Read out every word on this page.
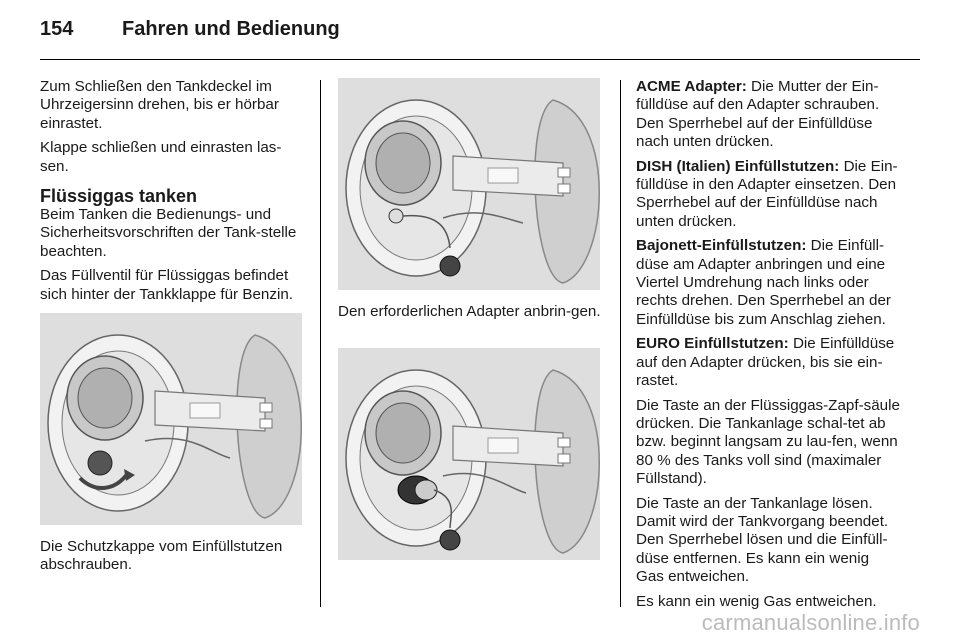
154	Fahren und Bedienung

Zum Schließen den Tankdeckel im Uhrzeigersinn drehen, bis er hörbar einrastet.

Klappe schließen und einrasten las-sen.

Flüssiggas tanken

Beim Tanken die Bedienungs- und Sicherheitsvorschriften der Tank-stelle beachten.

Das Füllventil für Flüssiggas befindet sich hinter der Tankklappe für Benzin.

Die Schutzkappe vom Einfüllstutzen abschrauben.

Den erforderlichen Adapter anbrin-gen.

ACME Adapter: Die Mutter der Ein-fülldüse auf den Adapter schrauben. Den Sperrhebel auf der Einfülldüse nach unten drücken.

DISH (Italien) Einfüllstutzen: Die Ein-fülldüse in den Adapter einsetzen. Den Sperrhebel auf der Einfülldüse nach unten drücken.

Bajonett-Einfüllstutzen: Die Einfüll-düse am Adapter anbringen und eine Viertel Umdrehung nach links oder rechts drehen. Den Sperrhebel an der Einfülldüse bis zum Anschlag ziehen.

EURO Einfüllstutzen: Die Einfülldüse auf den Adapter drücken, bis sie ein-rastet.

Die Taste an der Flüssiggas-Zapf-säule drücken. Die Tankanlage schal-tet ab bzw. beginnt langsam zu lau-fen, wenn 80 % des Tanks voll sind (maximaler Füllstand).

Die Taste an der Tankanlage lösen. Damit wird der Tankvorgang beendet. Den Sperrhebel lösen und die Einfüll-düse entfernen. Es kann ein wenig Gas entweichen.

Es kann ein wenig Gas entweichen.

carmanualsonline.info
